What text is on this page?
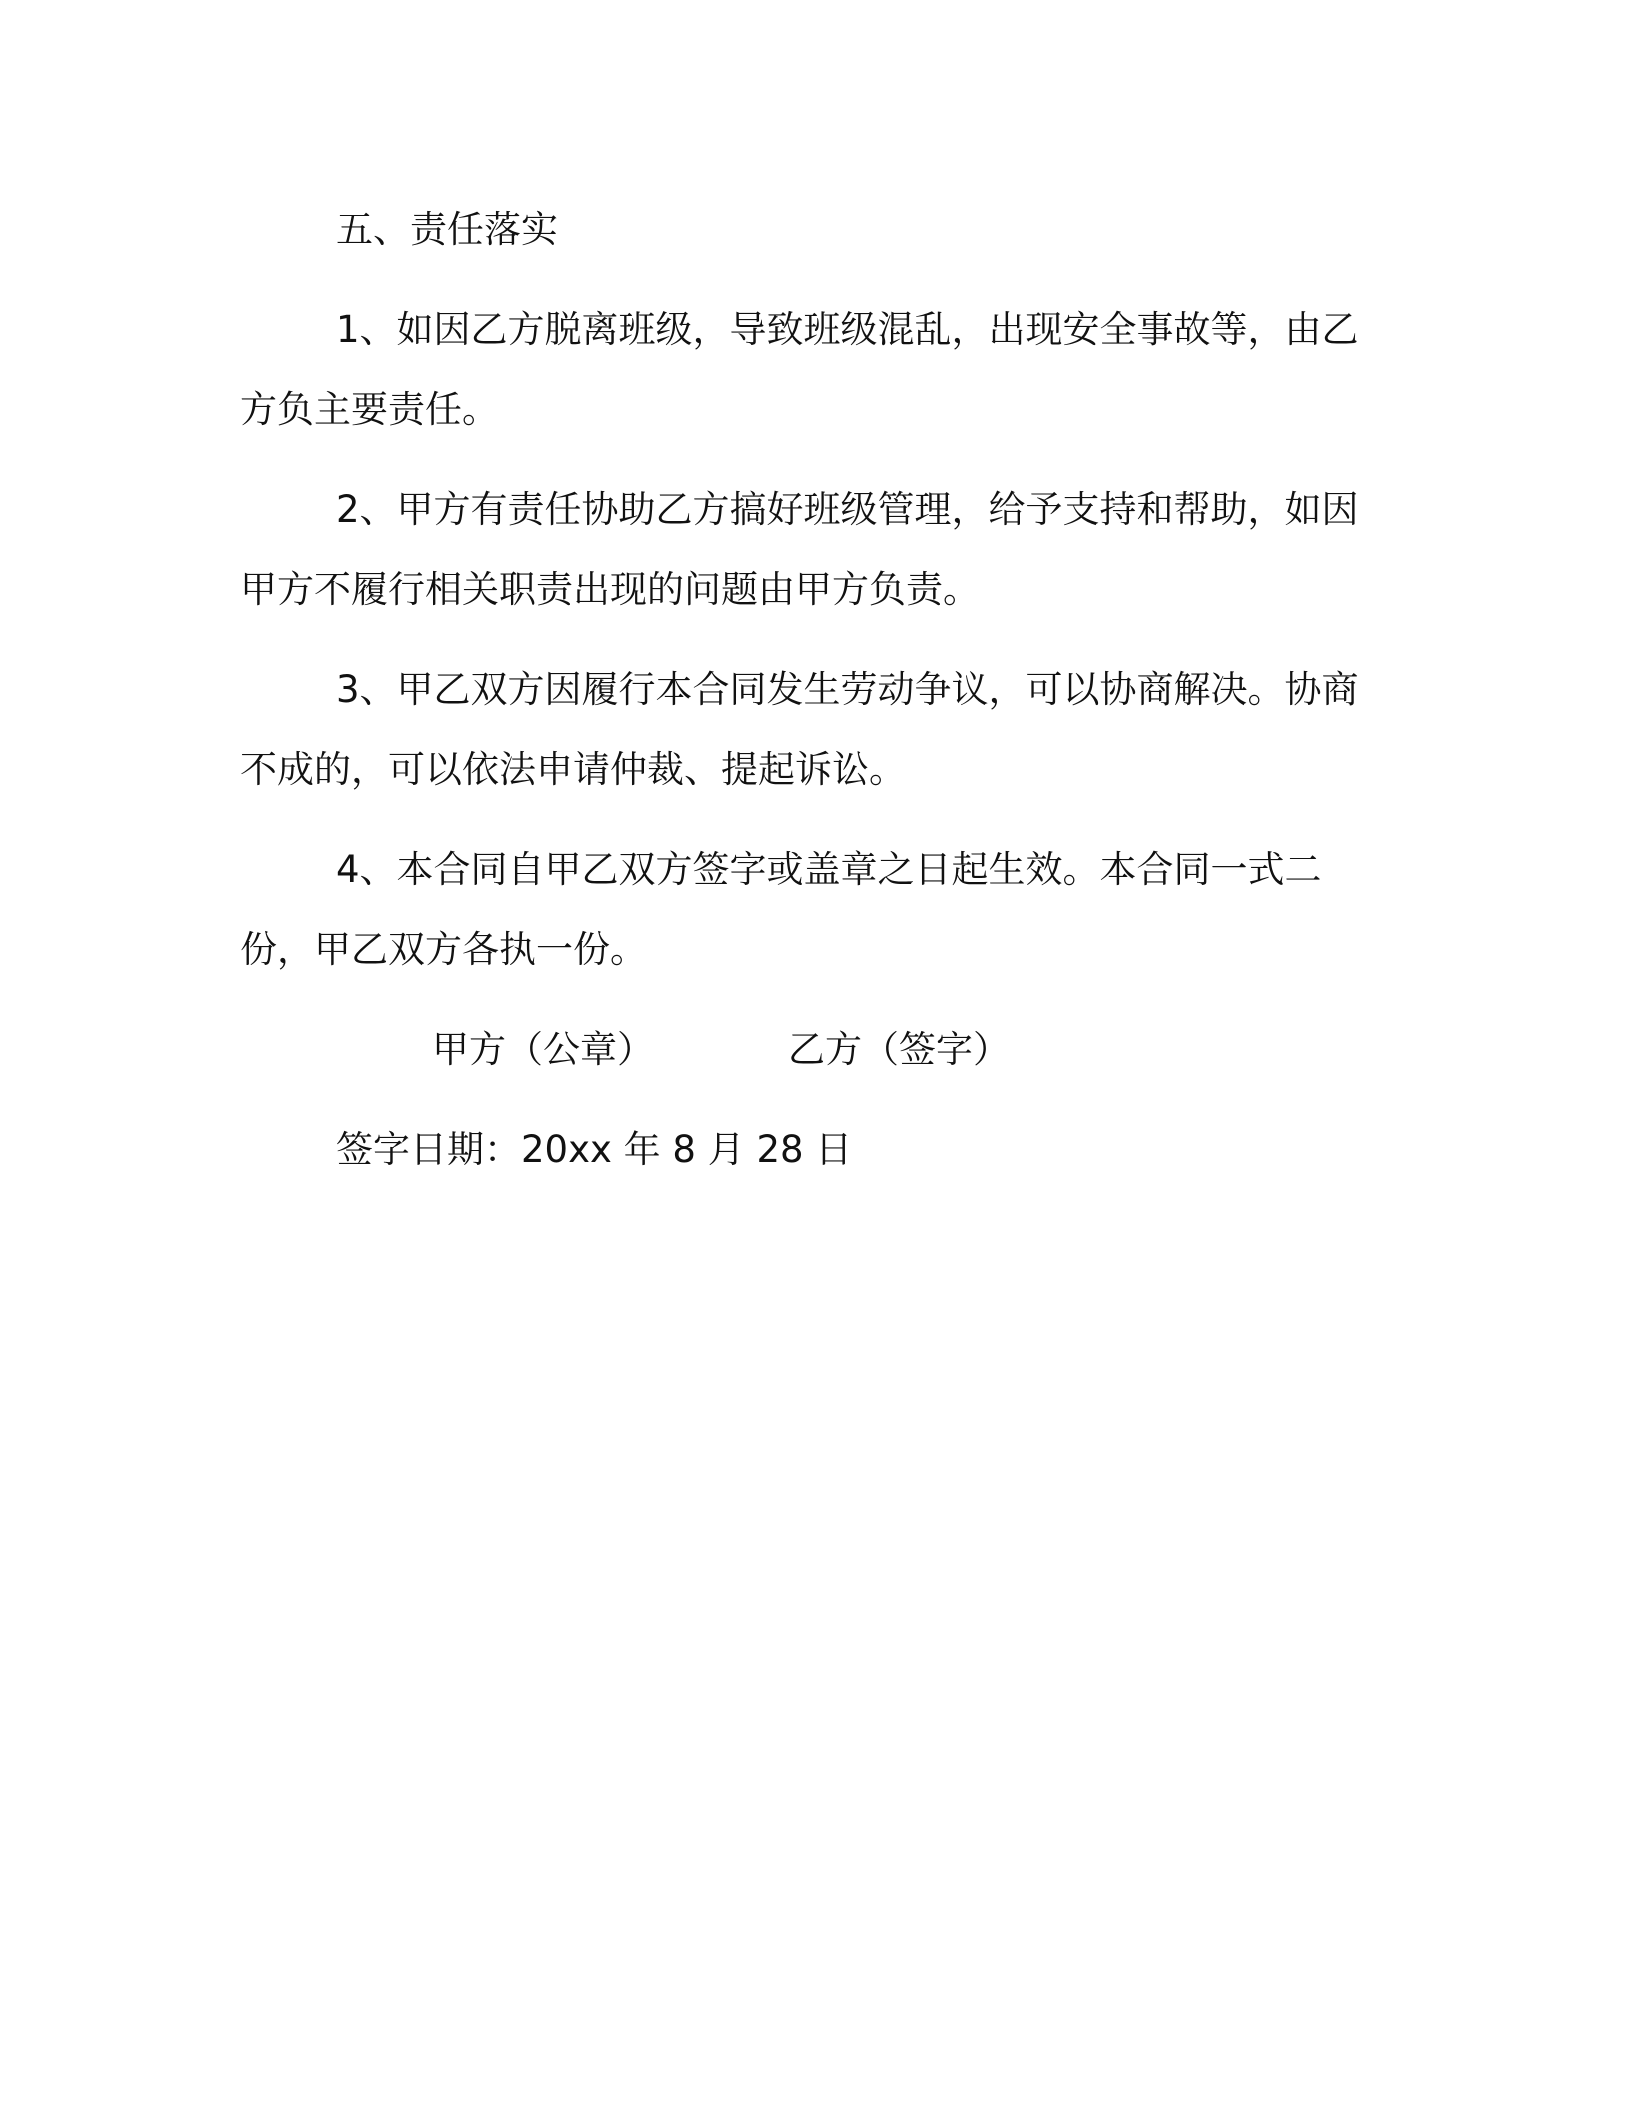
五、责任落实

1、如因乙方脱离班级，导致班级混乱，出现安全事故等，由乙方负主要责任。

2、甲方有责任协助乙方搞好班级管理，给予支持和帮助，如因甲方不履行相关职责出现的问题由甲方负责。

3、甲乙双方因履行本合同发生劳动争议，可以协商解决。协商不成的，可以依法申请仲裁、提起诉讼。

4、本合同自甲乙双方签字或盖章之日起生效。本合同一式二份，甲乙双方各执一份。

甲方（公章）	乙方（签字）

签字日期：20xx 年 8 月 28 日
